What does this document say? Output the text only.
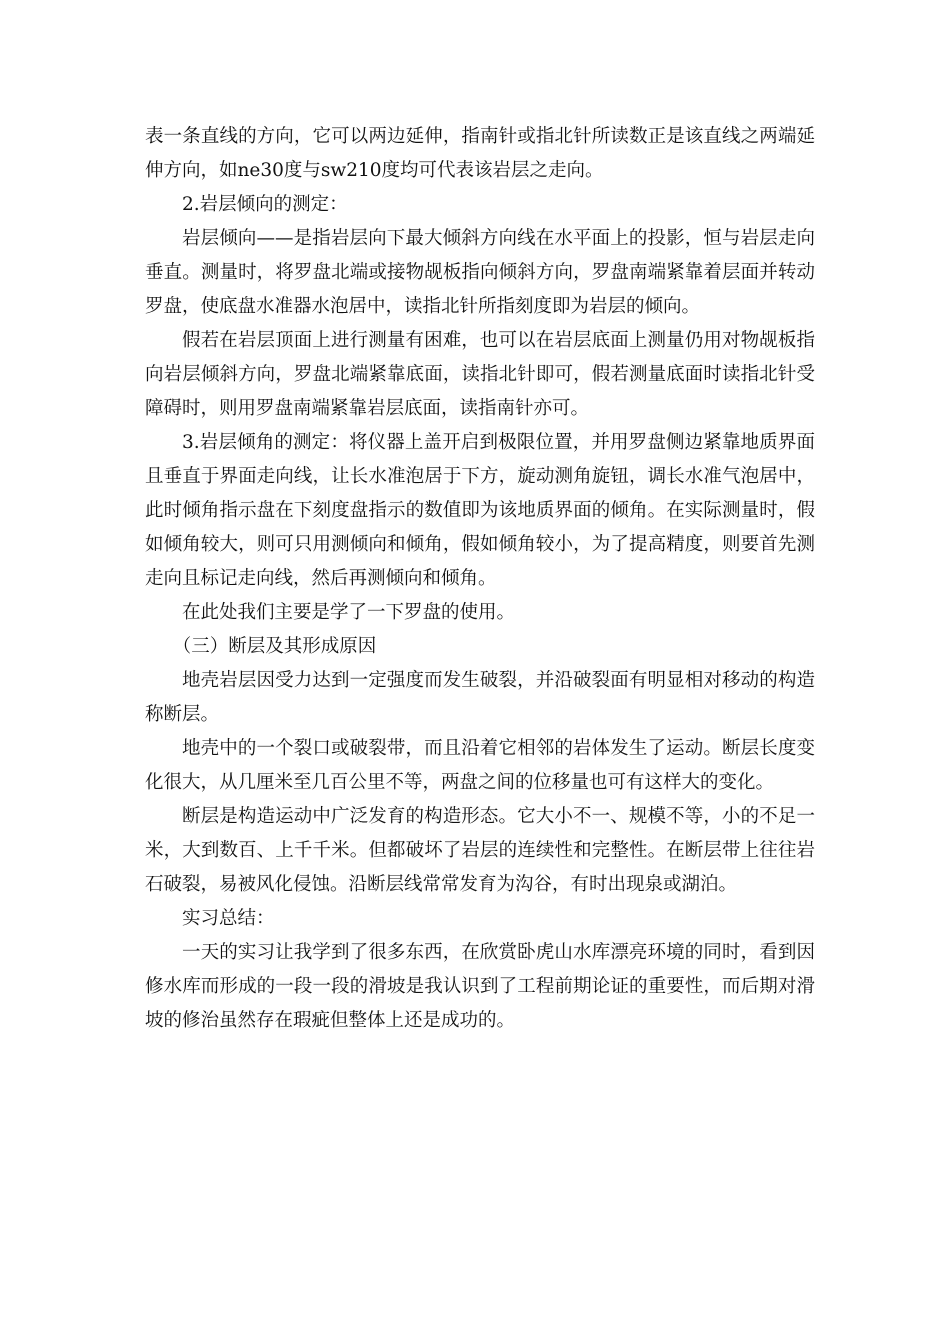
表一条直线的方向，它可以两边延伸，指南针或指北针所读数正是该直线之两端延伸方向，如ne30度与sw210度均可代表该岩层之走向。

2.岩层倾向的测定：

岩层倾向——是指岩层向下最大倾斜方向线在水平面上的投影，恒与岩层走向垂直。测量时，将罗盘北端或接物觇板指向倾斜方向，罗盘南端紧靠着层面并转动罗盘，使底盘水准器水泡居中，读指北针所指刻度即为岩层的倾向。

假若在岩层顶面上进行测量有困难，也可以在岩层底面上测量仍用对物觇板指向岩层倾斜方向，罗盘北端紧靠底面，读指北针即可，假若测量底面时读指北针受障碍时，则用罗盘南端紧靠岩层底面，读指南针亦可。

3.岩层倾角的测定：将仪器上盖开启到极限位置，并用罗盘侧边紧靠地质界面且垂直于界面走向线，让长水准泡居于下方，旋动测角旋钮，调长水准气泡居中，此时倾角指示盘在下刻度盘指示的数值即为该地质界面的倾角。在实际测量时，假如倾角较大，则可只用测倾向和倾角，假如倾角较小，为了提高精度，则要首先测走向且标记走向线，然后再测倾向和倾角。

在此处我们主要是学了一下罗盘的使用。

（三）断层及其形成原因

地壳岩层因受力达到一定强度而发生破裂，并沿破裂面有明显相对移动的构造称断层。

地壳中的一个裂口或破裂带，而且沿着它相邻的岩体发生了运动。断层长度变化很大，从几厘米至几百公里不等，两盘之间的位移量也可有这样大的变化。

断层是构造运动中广泛发育的构造形态。它大小不一、规模不等，小的不足一米，大到数百、上千千米。但都破坏了岩层的连续性和完整性。在断层带上往往岩石破裂，易被风化侵蚀。沿断层线常常发育为沟谷，有时出现泉或湖泊。

实习总结：

一天的实习让我学到了很多东西，在欣赏卧虎山水库漂亮环境的同时，看到因修水库而形成的一段一段的滑坡是我认识到了工程前期论证的重要性，而后期对滑坡的修治虽然存在瑕疵但整体上还是成功的。
